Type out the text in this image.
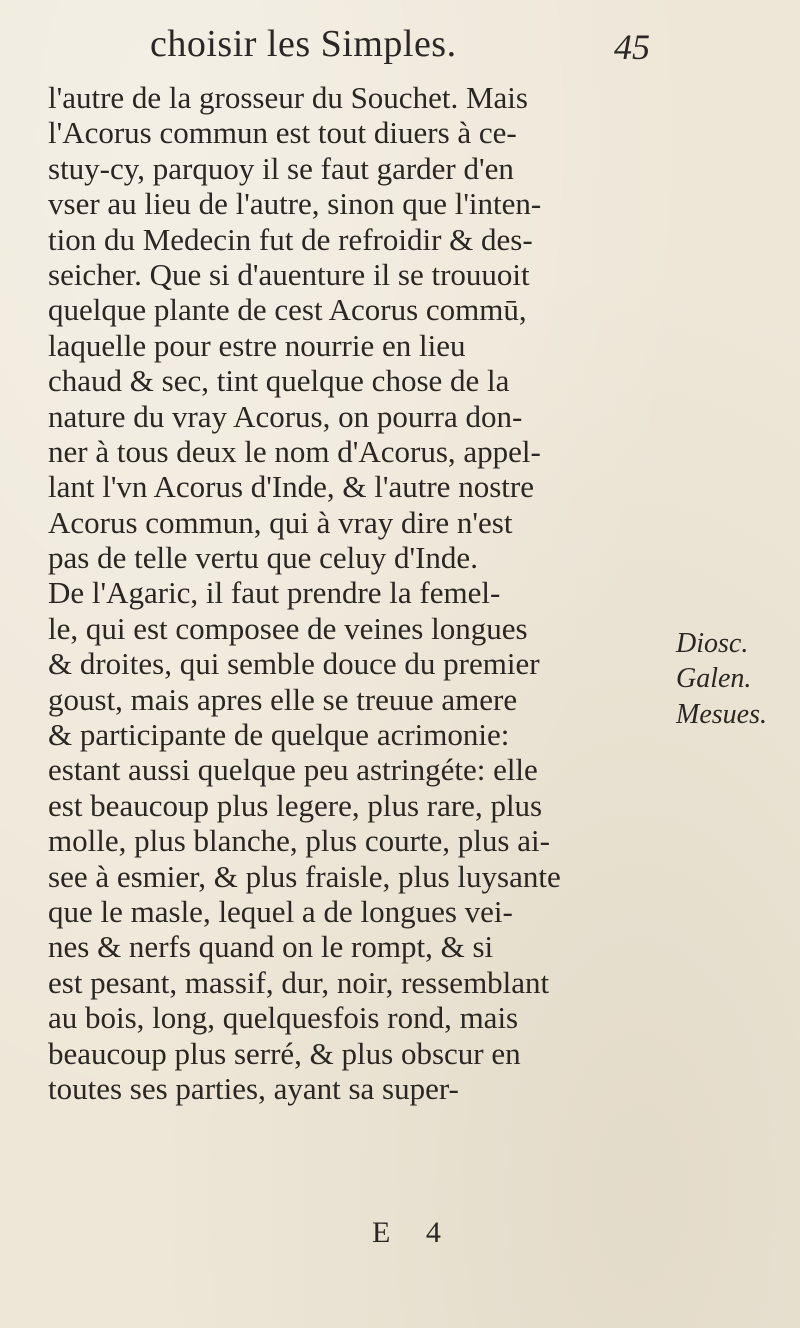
choisir les Simples.	45
l'autre de la grosseur du Souchet. Mais
l'Acorus commun est tout diuers à ce-
stuy-cy, parquoy il se faut garder d'en
vser au lieu de l'autre, sinon que l'inten-
tion du Medecin fut de refroidir & des-
seicher. Que si d'auenture il se trouuoit
quelque plante de cest Acorus commū,
laquelle pour estre nourrie en lieu
chaud & sec, tint quelque chose de la
nature du vray Acorus, on pourra don-
ner à tous deux le nom d'Acorus, appel-
lant l'vn Acorus d'Inde, & l'autre nostre
Acorus commun, qui à vray dire n'est
pas de telle vertu que celuy d'Inde.
De l'Agaric, il faut prendre la femel-
le, qui est composee de veines longues
& droites, qui semble douce du premier
goust, mais apres elle se treuue amere
& participante de quelque acrimonie:
estant aussi quelque peu astringéte: elle
est beaucoup plus legere, plus rare, plus
molle, plus blanche, plus courte, plus ai-
see à esmier, & plus fraisle, plus luysante
que le masle, lequel a de longues vei-
nes & nerfs quand on le rompt, & si
est pesant, massif, dur, noir, ressemblant
au bois, long, quelquesfois rond, mais
beaucoup plus serré, & plus obscur en
toutes ses parties, ayant sa super-
Diosc.
Galen.
Mesues.
E 4
